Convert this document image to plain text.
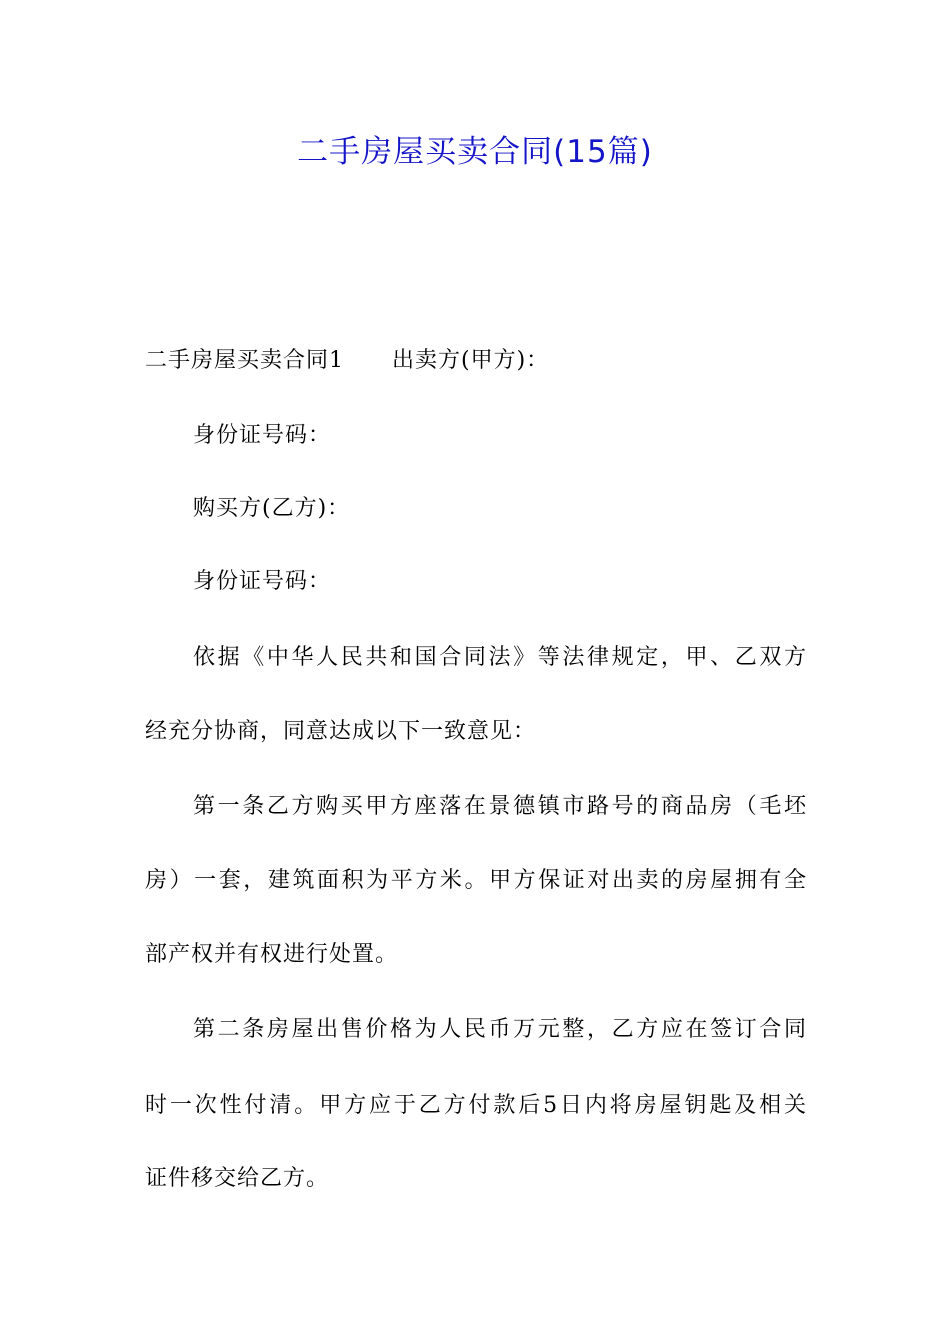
二手房屋买卖合同(15篇)
二手房屋买卖合同1 出卖方(甲方)：
身份证号码：
购买方(乙方)：
身份证号码：
依据《中华人民共和国合同法》等法律规定，甲、乙双方
经充分协商，同意达成以下一致意见：
第一条乙方购买甲方座落在景德镇市路号的商品房（毛坯
房）一套，建筑面积为平方米。甲方保证对出卖的房屋拥有全
部产权并有权进行处置。
第二条房屋出售价格为人民币万元整，乙方应在签订合同
时一次性付清。甲方应于乙方付款后5日内将房屋钥匙及相关
证件移交给乙方。
